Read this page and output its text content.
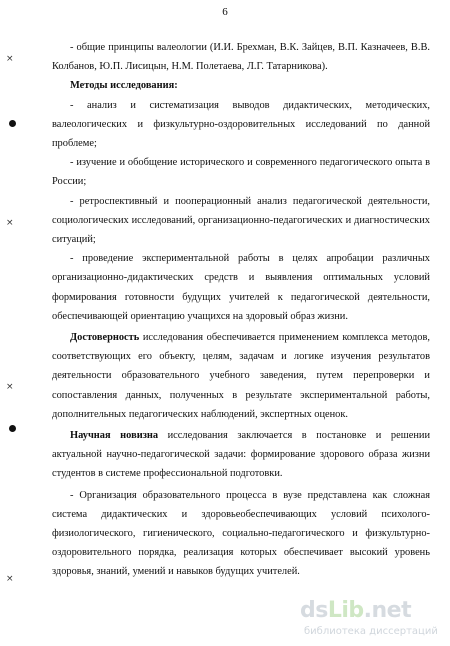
6
×
×
×
×

- общие принципы валеологии (И.И. Брехман, В.К. Зайцев, В.П. Казначеев, В.В. Колбанов, Ю.П. Лисицын, Н.М. Полетаева, Л.Г. Татарникова).

Методы исследования:

- анализ и систематизация выводов дидактических, методических, валеологических и физкультурно-оздоровительных исследований по данной проблеме;

- изучение и обобщение исторического и современного педагогического опыта в России;

- ретроспективный и пооперационный анализ педагогической деятельности, социологических исследований, организационно-педагогических и диагностических ситуаций;

- проведение экспериментальной работы в целях апробации различных организационно-дидактических средств и выявления оптимальных условий формирования готовности будущих учителей к педагогической деятельности, обеспечивающей ориентацию учащихся на здоровый образ жизни.

Достоверность исследования обеспечивается применением комплекса методов, соответствующих его объекту, целям, задачам и логике изучения результатов деятельности образовательного учебного заведения, путем перепроверки и сопоставления данных, полученных в результате экспериментальной работы, дополнительных педагогических наблюдений, экспертных оценок.

Научная новизна исследования заключается в постановке и решении актуальной научно-педагогической задачи: формирование здорового образа жизни студентов в системе профессиональной подготовки.

- Организация образовательного процесса в вузе представлена как сложная система дидактических и здоровьеобеспечивающих условий психолого-физиологического, гигиенического, социально-педагогического и физкультурно-оздоровительного порядка, реализация которых обеспечивает высокий уровень здоровья, знаний, умений и навыков будущих учителей.

dsLib.net
библиотека диссертаций
